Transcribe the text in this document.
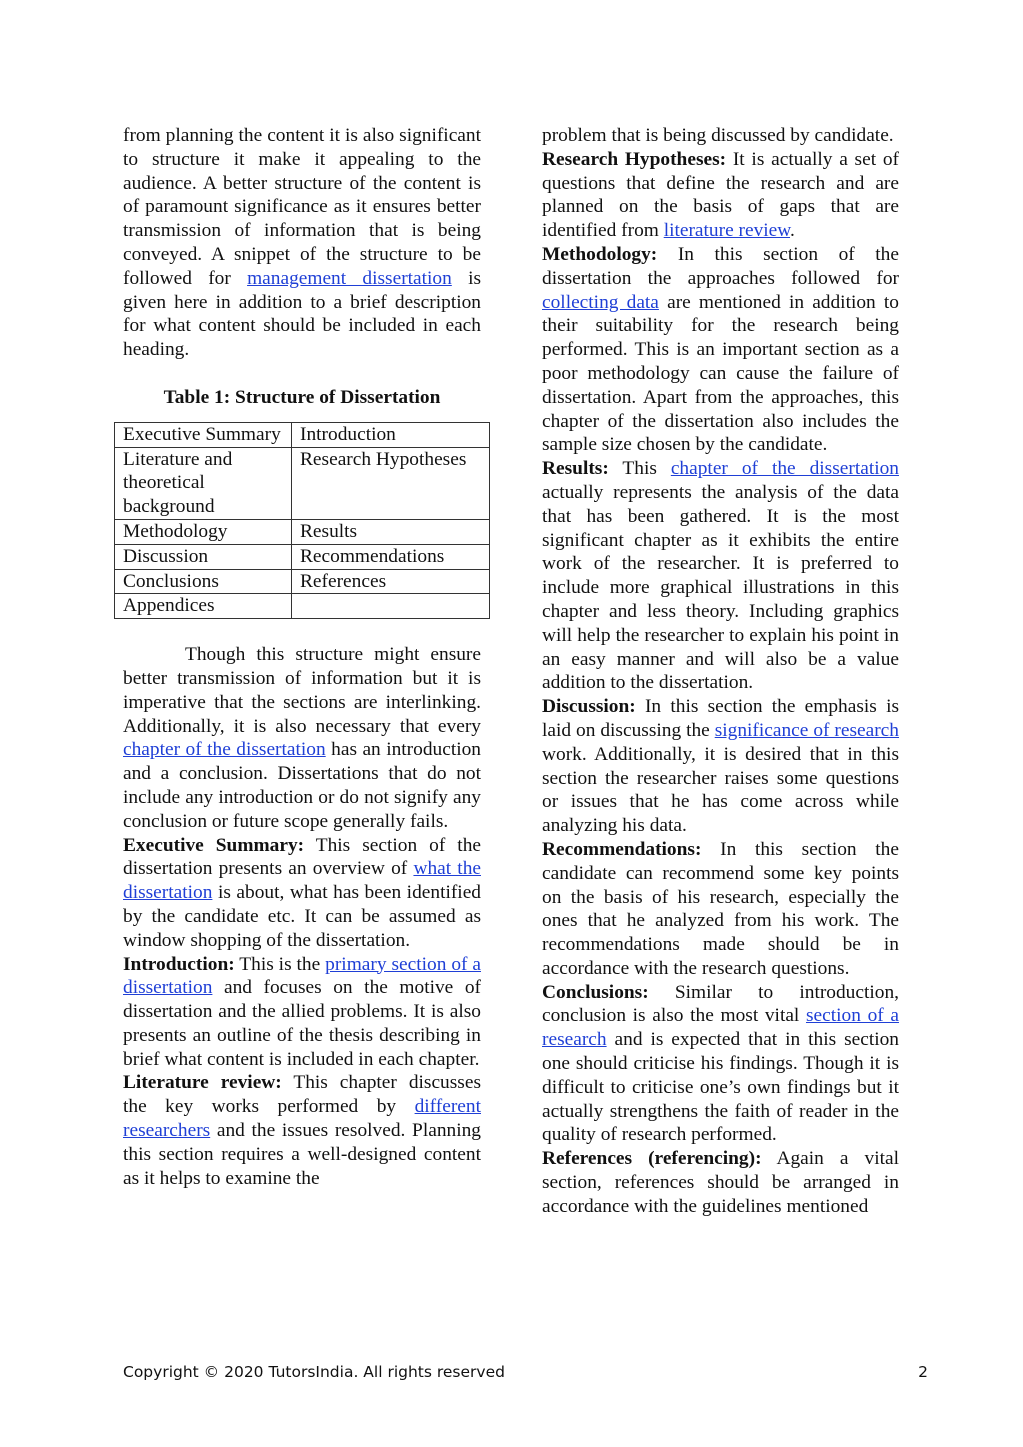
from planning the content it is also significant to structure it make it appealing to the audience. A better structure of the content is of paramount significance as it ensures better transmission of information that is being conveyed. A snippet of the structure to be followed for management dissertation is given here in addition to a brief description for what content should be included in each heading.

Table 1: Structure of Dissertation

Executive Summary	Introduction
Literature and theoretical background	Research Hypotheses
Methodology	Results
Discussion	Recommendations
Conclusions	References
Appendices	

Though this structure might ensure better transmission of information but it is imperative that the sections are interlinking. Additionally, it is also necessary that every chapter of the dissertation has an introduction and a conclusion. Dissertations that do not include any introduction or do not signify any conclusion or future scope generally fails.

Executive Summary: This section of the dissertation presents an overview of what the dissertation is about, what has been identified by the candidate etc. It can be assumed as window shopping of the dissertation.

Introduction: This is the primary section of a dissertation and focuses on the motive of dissertation and the allied problems. It is also presents an outline of the thesis describing in brief what content is included in each chapter.

Literature review: This chapter discusses the key works performed by different researchers and the issues resolved. Planning this section requires a well-designed content as it helps to examine the

problem that is being discussed by candidate.

Research Hypotheses: It is actually a set of questions that define the research and are planned on the basis of gaps that are identified from literature review.

Methodology: In this section of the dissertation the approaches followed for collecting data are mentioned in addition to their suitability for the research being performed. This is an important section as a poor methodology can cause the failure of dissertation. Apart from the approaches, this chapter of the dissertation also includes the sample size chosen by the candidate.

Results: This chapter of the dissertation actually represents the analysis of the data that has been gathered. It is the most significant chapter as it exhibits the entire work of the researcher. It is preferred to include more graphical illustrations in this chapter and less theory. Including graphics will help the researcher to explain his point in an easy manner and will also be a value addition to the dissertation.

Discussion: In this section the emphasis is laid on discussing the significance of research work. Additionally, it is desired that in this section the researcher raises some questions or issues that he has come across while analyzing his data.

Recommendations: In this section the candidate can recommend some key points on the basis of his research, especially the ones that he analyzed from his work. The recommendations made should be in accordance with the research questions.

Conclusions: Similar to introduction, conclusion is also the most vital section of a research and is expected that in this section one should criticise his findings. Though it is difficult to criticise one’s own findings but it actually strengthens the faith of reader in the quality of research performed.

References (referencing): Again a vital section, references should be arranged in accordance with the guidelines mentioned

Copyright © 2020 TutorsIndia. All rights reserved	2
